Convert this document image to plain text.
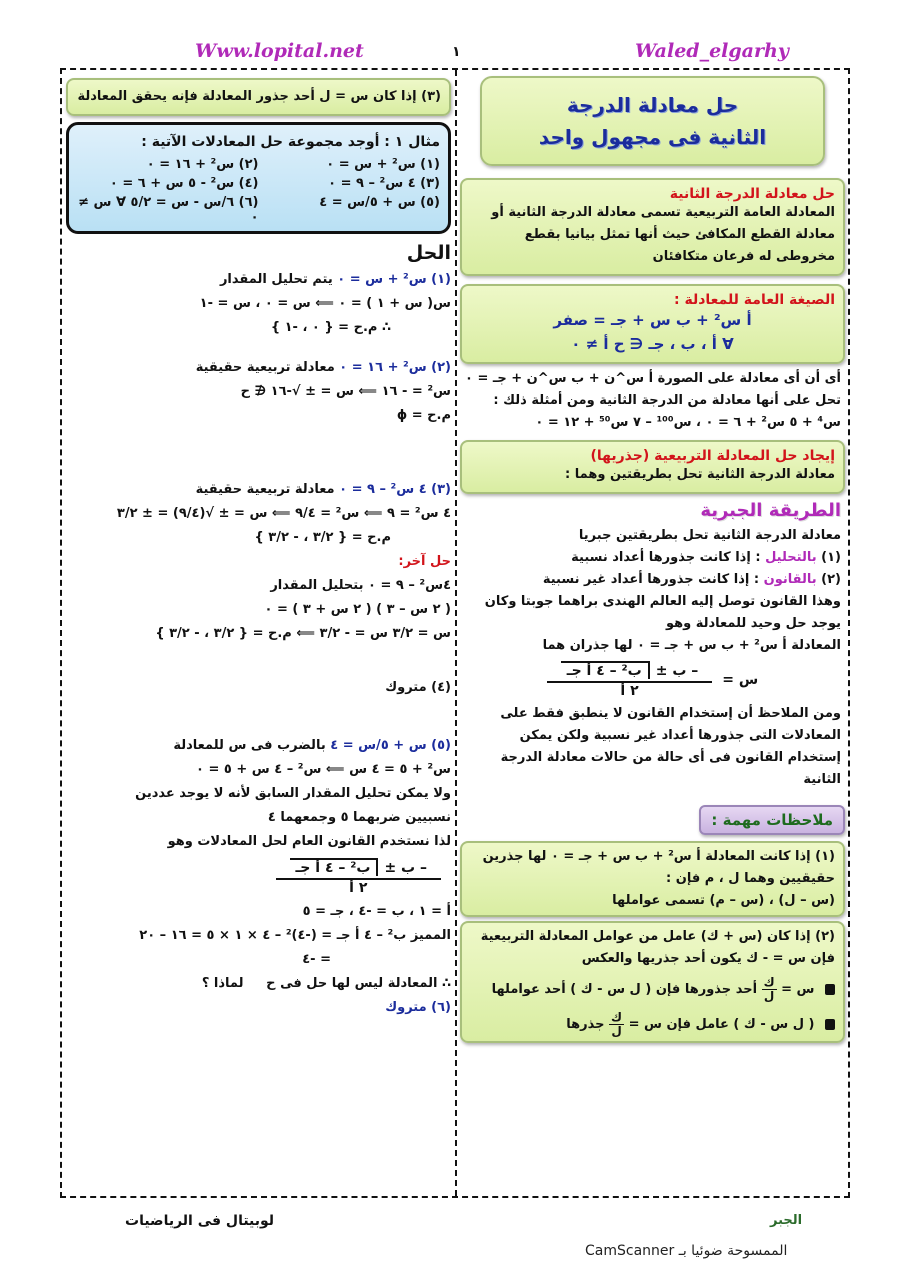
Www.lopital.net	١	Waled_elgarhy
حل معادلة الدرجة
الثانية فى مجهول واحد
حل معادلة الدرجة الثانية
المعادلة العامة التربيعية تسمى معادلة الدرجة الثانية أو معادلة القطع المكافئ حيث أنها تمثل بيانيا بقطع مخروطى له فرعان متكافئان
الصيغة العامة للمعادلة :
أ س² + ب س + جـ = صفر
∀ أ ، ب ، جـ ∈ ح أ ≠ ٠
أى أن أى معادلة على الصورة أ س^ن + ب س^ن + جـ = ٠
تحل على أنها معادلة من الدرجة الثانية ومن أمثلة ذلك :
س⁴ + ٥ س² + ٦ = ٠ ، س¹⁰⁰ – ٧ س⁵⁰ + ١٢ = ٠
إيجاد حل المعادلة التربيعية (جذريها)
معادلة الدرجة الثانية تحل بطريقتين وهما :
الطريقة الجبرية
معادلة الدرجة الثانية تحل بطريقتين جبريا
(١) بالتحليل : إذا كانت جذورها أعداد نسبية
(٢) بالقانون : إذا كانت جذورها أعداد غير نسبية
وهذا القانون توصل إليه العالم الهندى براهما جوبتا وكان يوجد حل وحيد للمعادلة وهو
المعادلة أ س² + ب س + جـ = ٠ لها جذران هما
س =
– ب ±
ب² – ٤ أ جـ
٢ أ
ومن الملاحظ أن إستخدام القانون لا ينطبق فقط على المعادلات التى جذورها أعداد غير نسبية ولكن يمكن إستخدام القانون فى أى حالة من حالات معادلة الدرجة الثانية
ملاحظات مهمة :
(١) إذا كانت المعادلة أ س² + ب س + جـ = ٠ لها جذرين
حقيقيين وهما ل ، م فإن :
(س – ل) ، (س – م) تسمى عواملها
(٢) إذا كان (س + ك) عامل من عوامل المعادلة التربيعية
فإن س = - ك يكون أحد جذريها والعكس
س =
$\frac{\text{ك}}{\text{ل}}$
أحد جذورها فإن ( ل س - ك ) أحد عواملها
( ل س - ك ) عامل فإن س =
$\frac{\text{ك}}{\text{ل}}$
جذرها
(٣) إذا كان س = ل أحد جذور المعادلة فإنه يحقق المعادلة
مثال ١ : أوجد مجموعة حل المعادلات الآتية :
(١) س² + س = ٠
(٢) س² + ١٦ = ٠
(٣) ٤ س² – ٩ = ٠
(٤) س² - ٥ س + ٦ = ٠
(٥) س + ٥/س = ٤
(٦) ٦/س - س = ٥/٢ ∀ س ≠ ٠
الحل
(١) س² + س = ٠ يتم تحليل المقدار
س( س + ١ ) = ٠ ⟸ س = ٠ ، س = -١
∴ م.ح = { ٠ ، -١ }
(٢) س² + ١٦ = ٠ معادلة تربيعية حقيقية
س² = - ١٦ ⟸ س = ± √-١٦ ∉ ح
م.ح = ϕ
(٣) ٤ س² – ٩ = ٠ معادلة تربيعية حقيقية
٤ س² = ٩ ⟸ س² = ٩/٤ ⟸ س = ± √(٩/٤) = ± ٣/٢
م.ح = { ٣/٢ ، - ٣/٢ }
حل آخر:
٤س² – ٩ = ٠ بتحليل المقدار
( ٢ س – ٣ ) ( ٢ س + ٣ ) = ٠
س = ٣/٢ س = - ٣/٢ ⟸ م.ح = { ٣/٢ ، - ٣/٢ }
(٤) متروك
(٥) س + ٥/س = ٤ بالضرب فى س للمعادلة
س² + ٥ = ٤ س ⟸ س² – ٤ س + ٥ = ٠
ولا يمكن تحليل المقدار السابق لأنه لا يوجد عددين
نسبيين ضربهما ٥ وجمعهما ٤
لذا نستخدم القانون العام لحل المعادلات وهو
– ب ±
ب² – ٤ أ جـ
٢ أ
أ = ١ ، ب = -٤ ، جـ = ٥
المميز ب² – ٤ أ جـ = (-٤)² – ٤ × ١ × ٥ = ١٦ – ٢٠
= -٤
∴ المعادلة ليس لها حل فى ح     لماذا ؟
(٦) متروك
لوبيتال فى الرياضيات	الجبر
الممسوحة ضوئيا بـ CamScanner
